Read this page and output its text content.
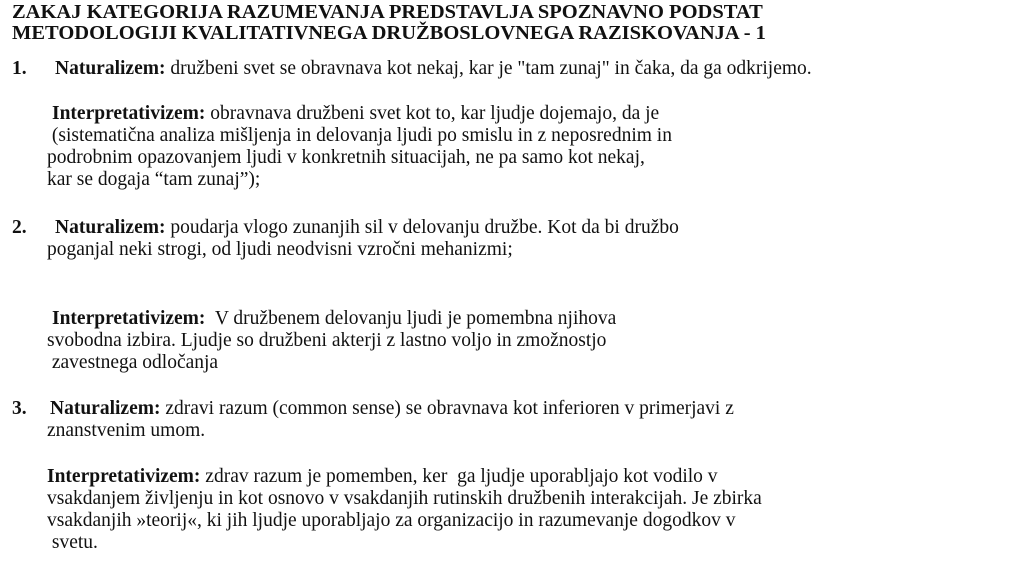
ZAKAJ KATEGORIJA RAZUMEVANJA PREDSTAVLJA SPOZNAVNO PODSTAT
METODOLOGIJI KVALITATIVNEGA DRUŽBOSLOVNEGA RAZISKOVANJA - 1
1. Naturalizem: družbeni svet se obravnava kot nekaj, kar je "tam zunaj" in čaka, da ga odkrijemo.
Interpretativizem: obravnava družbeni svet kot to, kar ljudje dojemajo, da je
(sistematična analiza mišljenja in delovanja ljudi po smislu in z neposrednim in
podrobnim opazovanjem ljudi v konkretnih situacijah, ne pa samo kot nekaj,
kar se dogaja “tam zunaj”);
2. Naturalizem: poudarja vlogo zunanjih sil v delovanju družbe. Kot da bi družbo
poganjal neki strogi, od ljudi neodvisni vzročni mehanizmi;
Interpretativizem:  V družbenem delovanju ljudi je pomembna njihova
svobodna izbira. Ljudje so družbeni akterji z lastno voljo in zmožnostjo
zavestnega odločanja
3. Naturalizem: zdravi razum (common sense) se obravnava kot inferioren v primerjavi z
znanstvenim umom.
Interpretativizem: zdrav razum je pomemben, ker  ga ljudje uporabljajo kot vodilo v
vsakdanjem življenju in kot osnovo v vsakdanjih rutinskih družbenih interakcijah. Je zbirka
vsakdanjih »teorij«, ki jih ljudje uporabljajo za organizacijo in razumevanje dogodkov v
svetu.
